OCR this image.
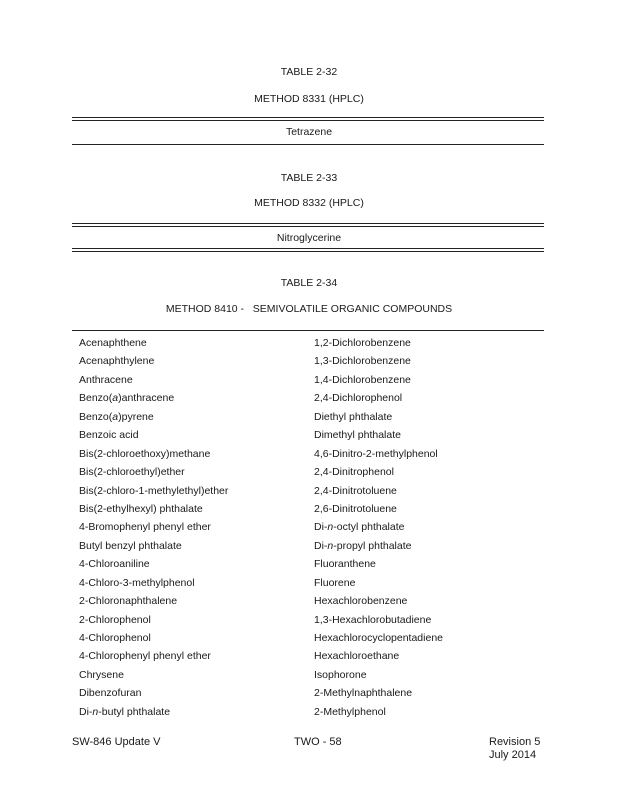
TABLE 2-32
METHOD 8331 (HPLC)
Tetrazene
TABLE 2-33
METHOD 8332 (HPLC)
Nitroglycerine
TABLE 2-34
METHOD 8410 -   SEMIVOLATILE ORGANIC COMPOUNDS
Acenaphthene
Acenaphthylene
Anthracene
Benzo(a)anthracene
Benzo(a)pyrene
Benzoic acid
Bis(2-chloroethoxy)methane
Bis(2-chloroethyl)ether
Bis(2-chloro-1-methylethyl)ether
Bis(2-ethylhexyl) phthalate
4-Bromophenyl phenyl ether
Butyl benzyl phthalate
4-Chloroaniline
4-Chloro-3-methylphenol
2-Chloronaphthalene
2-Chlorophenol
4-Chlorophenol
4-Chlorophenyl phenyl ether
Chrysene
Dibenzofuran
Di-n-butyl phthalate
1,2-Dichlorobenzene
1,3-Dichlorobenzene
1,4-Dichlorobenzene
2,4-Dichlorophenol
Diethyl phthalate
Dimethyl phthalate
4,6-Dinitro-2-methylphenol
2,4-Dinitrophenol
2,4-Dinitrotoluene
2,6-Dinitrotoluene
Di-n-octyl phthalate
Di-n-propyl phthalate
Fluoranthene
Fluorene
Hexachlorobenzene
1,3-Hexachlorobutadiene
Hexachlorocyclopentadiene
Hexachloroethane
Isophorone
2-Methylnaphthalene
2-Methylphenol
SW-846 Update V	TWO - 58	Revision 5
July 2014
